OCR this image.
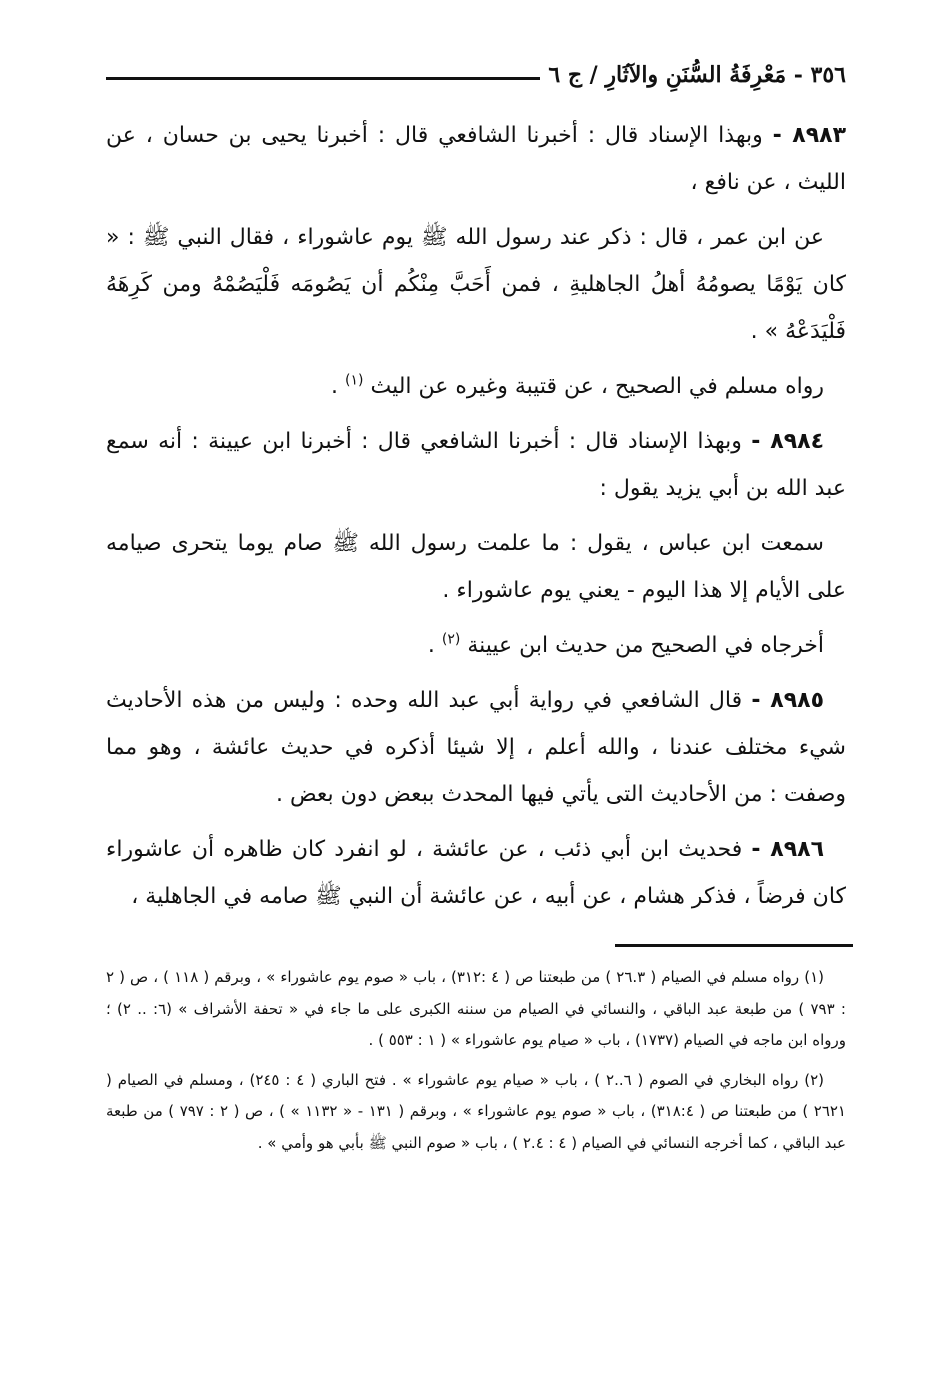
٣٥٦ - مَعْرِفَةُ السُّنَنِ والآثَارِ / ج ٦

٨٩٨٣ - وبهذا الإسناد قال : أخبرنا الشافعي قال : أخبرنا يحيى بن حسان ، عن الليث ، عن نافع ،

عن ابن عمر ، قال : ذكر عند رسول الله ﷺ يوم عاشوراء ، فقال النبي ﷺ : « كان يَوْمًا يصومُهُ أهلُ الجاهليةِ ، فمن أَحَبَّ مِنْكُم أن يَصُومَه فَلْيَصُمْهُ ومن كَرِهَهُ فَلْيَدَعْهُ » .

رواه مسلم في الصحيح ، عن قتيبة وغيره عن اليث $^{(١)}$ .

٨٩٨٤ - وبهذا الإسناد قال : أخبرنا الشافعي قال : أخبرنا ابن عيينة : أنه سمع عبد الله بن أبي يزيد يقول :

سمعت ابن عباس ، يقول : ما علمت رسول الله ﷺ صام يوما يتحرى صيامه على الأيام إلا هذا اليوم - يعني يوم عاشوراء .

أخرجاه في الصحيح من حديث ابن عيينة $^{(٢)}$ .

٨٩٨٥ - قال الشافعي في رواية أبي عبد الله وحده : وليس من هذه الأحاديث شيء مختلف عندنا ، والله أعلم ، إلا شيئا أذكره في حديث عائشة ، وهو مما وصفت : من الأحاديث التى يأتي فيها المحدث ببعض دون بعض .

٨٩٨٦ - فحديث ابن أبي ذئب ، عن عائشة ، لو انفرد كان ظاهره أن عاشوراء كان فرضاً ، فذكر هشام ، عن أبيه ، عن عائشة أن النبي ﷺ صامه في الجاهلية ،

(١) رواه مسلم في الصيام ( ٢٦.٣ ) من طبعتنا ص ( ٤ :٣١٢) ، باب « صوم يوم عاشوراء » ، وبرقم ( ١١٨ ) ، ص ( ٢ : ٧٩٣ ) من طبعة عبد الباقي ، والنسائي في الصيام من سننه الكبرى على ما جاء في « تحفة الأشراف » (٦: .. ٢) ؛ ورواه ابن ماجه في الصيام (١٧٣٧) ، باب « صيام يوم عاشوراء » ( ١ : ٥٥٣ ) .

(٢) رواه البخاري في الصوم ( ٦..٢ ) ، باب « صيام يوم عاشوراء » . فتح الباري ( ٤ : ٢٤٥) ، ومسلم في الصيام ( ٢٦٢١ ) من طبعتنا ص ( ٣١٨:٤) ، باب « صوم يوم عاشوراء » ، وبرقم ( ١٣١ - « ١١٣٢ » ) ، ص ( ٢ : ٧٩٧ ) من طبعة عبد الباقي ، كما أخرجه النسائي في الصيام ( ٤ : ٢.٤ ) ، باب « صوم النبي ﷺ بأبي هو وأمي » .
